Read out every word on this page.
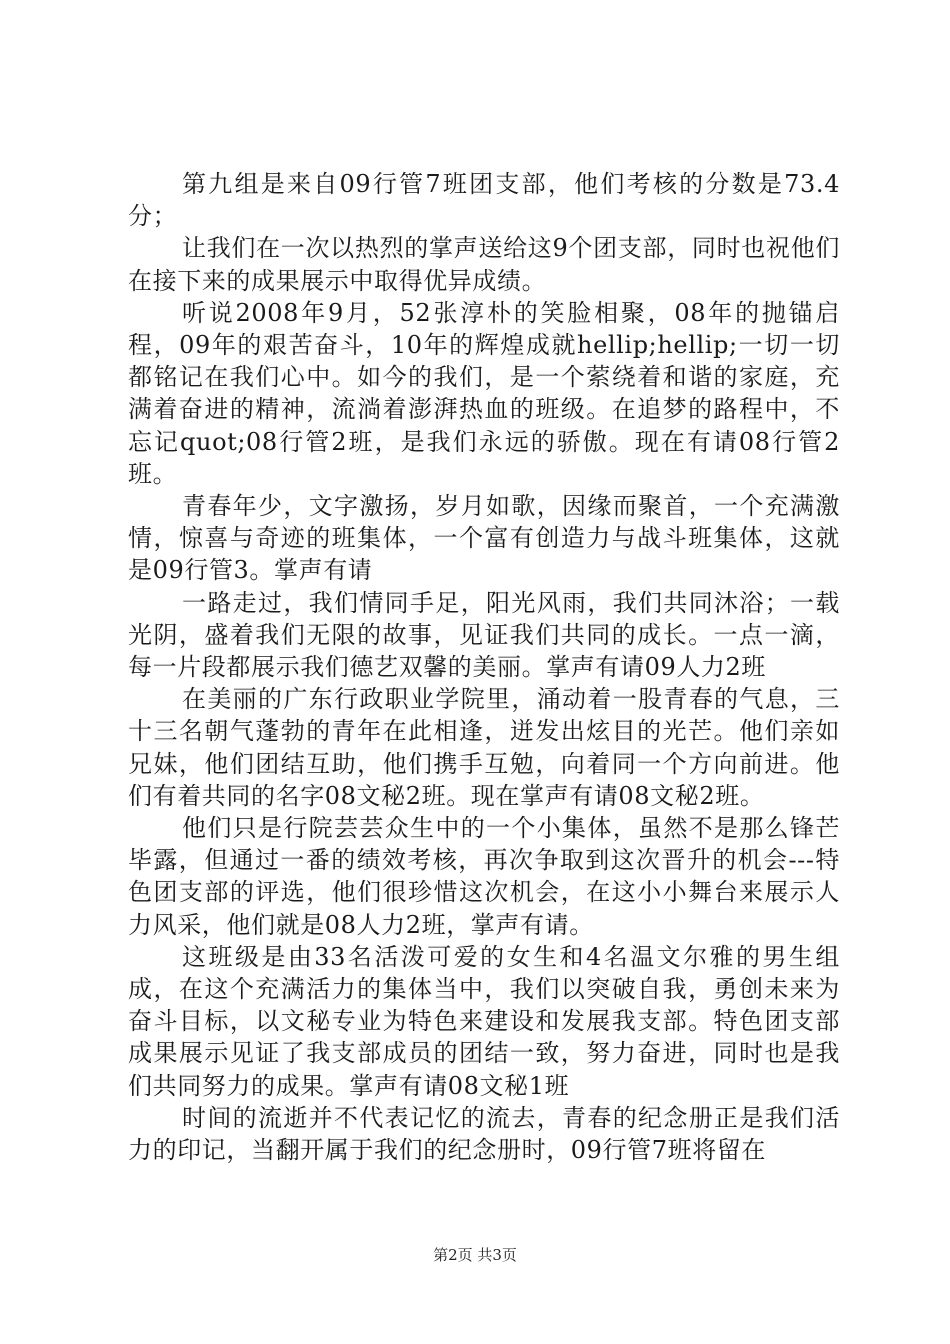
第九组是来自09行管7班团支部，他们考核的分数是73.4分；

让我们在一次以热烈的掌声送给这9个团支部，同时也祝他们在接下来的成果展示中取得优异成绩。

听说2008年9月，52张淳朴的笑脸相聚，08年的抛锚启程，09年的艰苦奋斗，10年的辉煌成就hellip;hellip;一切一切都铭记在我们心中。如今的我们，是一个萦绕着和谐的家庭，充满着奋进的精神，流淌着澎湃热血的班级。在追梦的路程中，不忘记quot;08行管2班，是我们永远的骄傲。现在有请08行管2班。

青春年少，文字激扬，岁月如歌，因缘而聚首，一个充满激情，惊喜与奇迹的班集体，一个富有创造力与战斗班集体，这就是09行管3。掌声有请

一路走过，我们情同手足，阳光风雨，我们共同沐浴；一载光阴，盛着我们无限的故事，见证我们共同的成长。一点一滴，每一片段都展示我们德艺双馨的美丽。掌声有请09人力2班

在美丽的广东行政职业学院里，涌动着一股青春的气息，三十三名朝气蓬勃的青年在此相逢，迸发出炫目的光芒。他们亲如兄妹，他们团结互助，他们携手互勉，向着同一个方向前进。他们有着共同的名字08文秘2班。现在掌声有请08文秘2班。

他们只是行院芸芸众生中的一个小集体，虽然不是那么锋芒毕露，但通过一番的绩效考核，再次争取到这次晋升的机会---特色团支部的评选，他们很珍惜这次机会，在这小小舞台来展示人力风采，他们就是08人力2班，掌声有请。

这班级是由33名活泼可爱的女生和4名温文尔雅的男生组成，在这个充满活力的集体当中，我们以突破自我，勇创未来为奋斗目标，以文秘专业为特色来建设和发展我支部。特色团支部成果展示见证了我支部成员的团结一致，努力奋进，同时也是我们共同努力的成果。掌声有请08文秘1班

时间的流逝并不代表记忆的流去，青春的纪念册正是我们活力的印记，当翻开属于我们的纪念册时，09行管7班将留在

第2页 共3页
